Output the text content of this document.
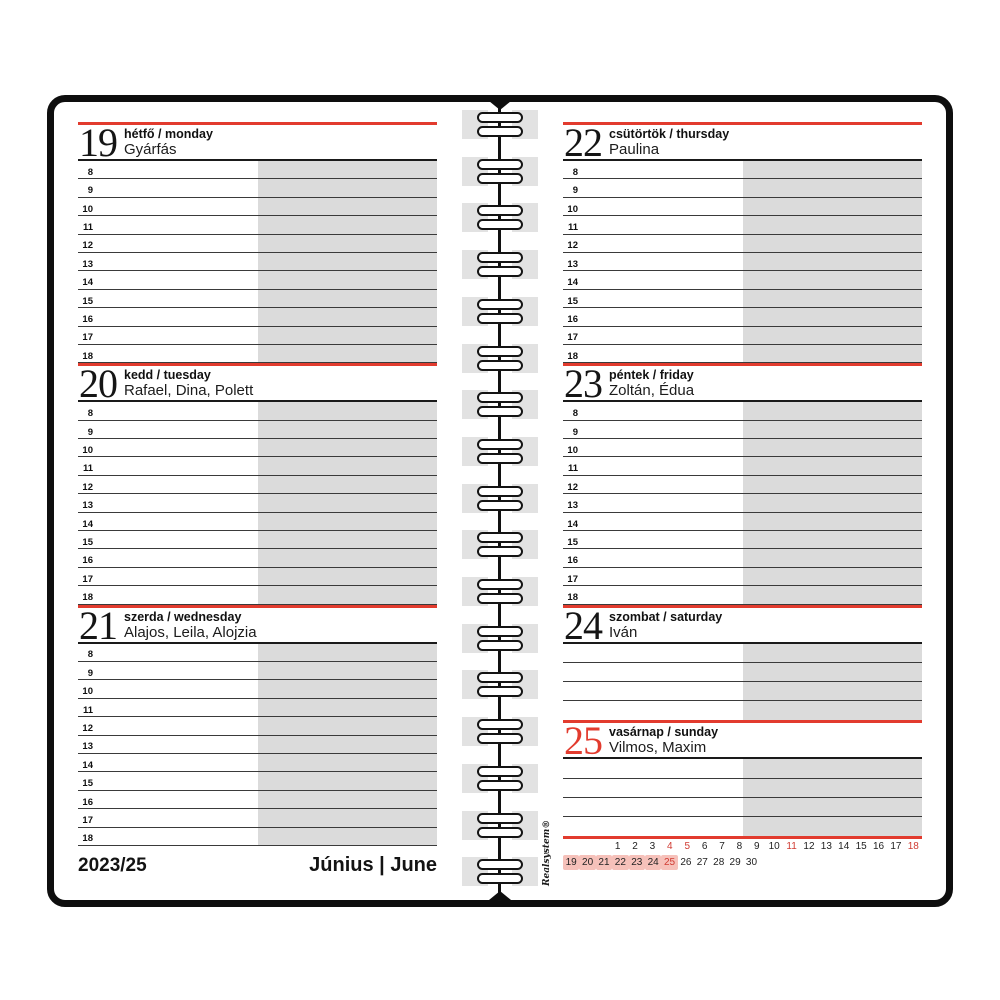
19 hétfő / monday
Gyárfás
8
9
10
11
12
13
14
15
16
17
18
20 kedd / tuesday
Rafael, Dina, Polett
8
9
10
11
12
13
14
15
16
17
18
21 szerda / wednesday
Alajos, Leila, Alojzia
8
9
10
11
12
13
14
15
16
17
18
22 csütörtök / thursday
Paulina
8
9
10
11
12
13
14
15
16
17
18
23 péntek / friday
Zoltán, Édua
8
9
10
11
12
13
14
15
16
17
18
24 szombat / saturday
Iván
25 vasárnap / sunday
Vilmos, Maxim
2023/25	Június | June
1	2	3	4	5	6	7	8	9 10 11 12 13 14 15 16 17 18
19 20 21 22 23 24 25 26 27 28 29 30
Realsystem®
